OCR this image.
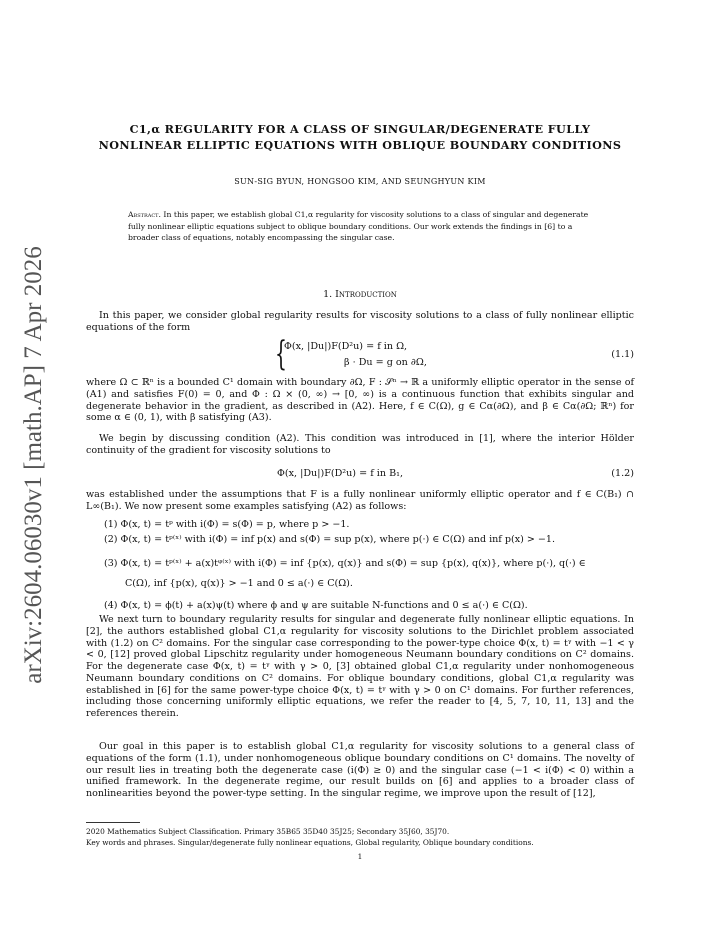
arXiv:2604.06030v1 [math.AP] 7 Apr 2026
C1,α REGULARITY FOR A CLASS OF SINGULAR/DEGENERATE FULLY
NONLINEAR ELLIPTIC EQUATIONS WITH OBLIQUE BOUNDARY CONDITIONS
SUN-SIG BYUN, HONGSOO KIM, AND SEUNGHYUN KIM
Abstract. In this paper, we establish global C1,α regularity for viscosity solutions to a class of singular and degenerate fully nonlinear elliptic equations subject to oblique boundary conditions. Our work extends the findings in [6] to a broader class of equations, notably encompassing the singular case.
1. Introduction

In this paper, we consider global regularity results for viscosity solutions to a class of fully nonlinear elliptic equations of the form

{
Φ(x, |Du|)F(D²u) = f in Ω,
β · Du = g on ∂Ω,
(1.1)

where Ω ⊂ ℝⁿ is a bounded C¹ domain with boundary ∂Ω, F : 𝒮ⁿ → ℝ a uniformly elliptic operator in the sense of (A1) and satisfies F(0) = 0, and Φ : Ω × (0, ∞) → [0, ∞) is a continuous function that exhibits singular and degenerate behavior in the gradient, as described in (A2). Here, f ∈ C(Ω), g ∈ Cα(∂Ω), and β ∈ Cα(∂Ω; ℝⁿ) for some α ∈ (0, 1), with β satisfying (A3).

We begin by discussing condition (A2). This condition was introduced in [1], where the interior Hölder continuity of the gradient for viscosity solutions to

Φ(x, |Du|)F(D²u) = f in B₁,	(1.2)

was established under the assumptions that F is a fully nonlinear uniformly elliptic operator and f ∈ C(B₁) ∩ L∞(B₁). We now present some examples satisfying (A2) as follows:

(1) Φ(x, t) = tᵖ with i(Φ) = s(Φ) = p, where p > −1.
(2) Φ(x, t) = tᵖ⁽ˣ⁾ with i(Φ) = inf p(x) and s(Φ) = sup p(x), where p(·) ∈ C(Ω) and inf p(x) > −1.
(3) Φ(x, t) = tᵖ⁽ˣ⁾ + a(x)tᵠ⁽ˣ⁾ with i(Φ) = inf {p(x), q(x)} and s(Φ) = sup {p(x), q(x)}, where p(·), q(·) ∈
C(Ω), inf {p(x), q(x)} > −1 and 0 ≤ a(·) ∈ C(Ω).
(4) Φ(x, t) = ϕ(t) + a(x)ψ(t) where ϕ and ψ are suitable N-functions and 0 ≤ a(·) ∈ C(Ω).

We next turn to boundary regularity results for singular and degenerate fully nonlinear elliptic equations. In [2], the authors established global C1,α regularity for viscosity solutions to the Dirichlet problem associated with (1.2) on C² domains. For the singular case corresponding to the power-type choice Φ(x, t) = tᵞ with −1 < γ < 0, [12] proved global Lipschitz regularity under homogeneous Neumann boundary conditions on C² domains. For the degenerate case Φ(x, t) = tᵞ with γ > 0, [3] obtained global C1,α regularity under nonhomogeneous Neumann boundary conditions on C² domains. For oblique boundary conditions, global C1,α regularity was established in [6] for the same power-type choice Φ(x, t) = tᵞ with γ > 0 on C¹ domains. For further references, including those concerning uniformly elliptic equations, we refer the reader to [4, 5, 7, 10, 11, 13] and the references therein.

Our goal in this paper is to establish global C1,α regularity for viscosity solutions to a general class of equations of the form (1.1), under nonhomogeneous oblique boundary conditions on C¹ domains. The novelty of our result lies in treating both the degenerate case (i(Φ) ≥ 0) and the singular case (−1 < i(Φ) < 0) within a unified framework. In the degenerate regime, our result builds on [6] and applies to a broader class of nonlinearities beyond the power-type setting. In the singular regime, we improve upon the result of [12],

2020 Mathematics Subject Classification. Primary 35B65 35D40 35J25; Secondary 35J60, 35J70.
Key words and phrases. Singular/degenerate fully nonlinear equations, Global regularity, Oblique boundary conditions.
1
